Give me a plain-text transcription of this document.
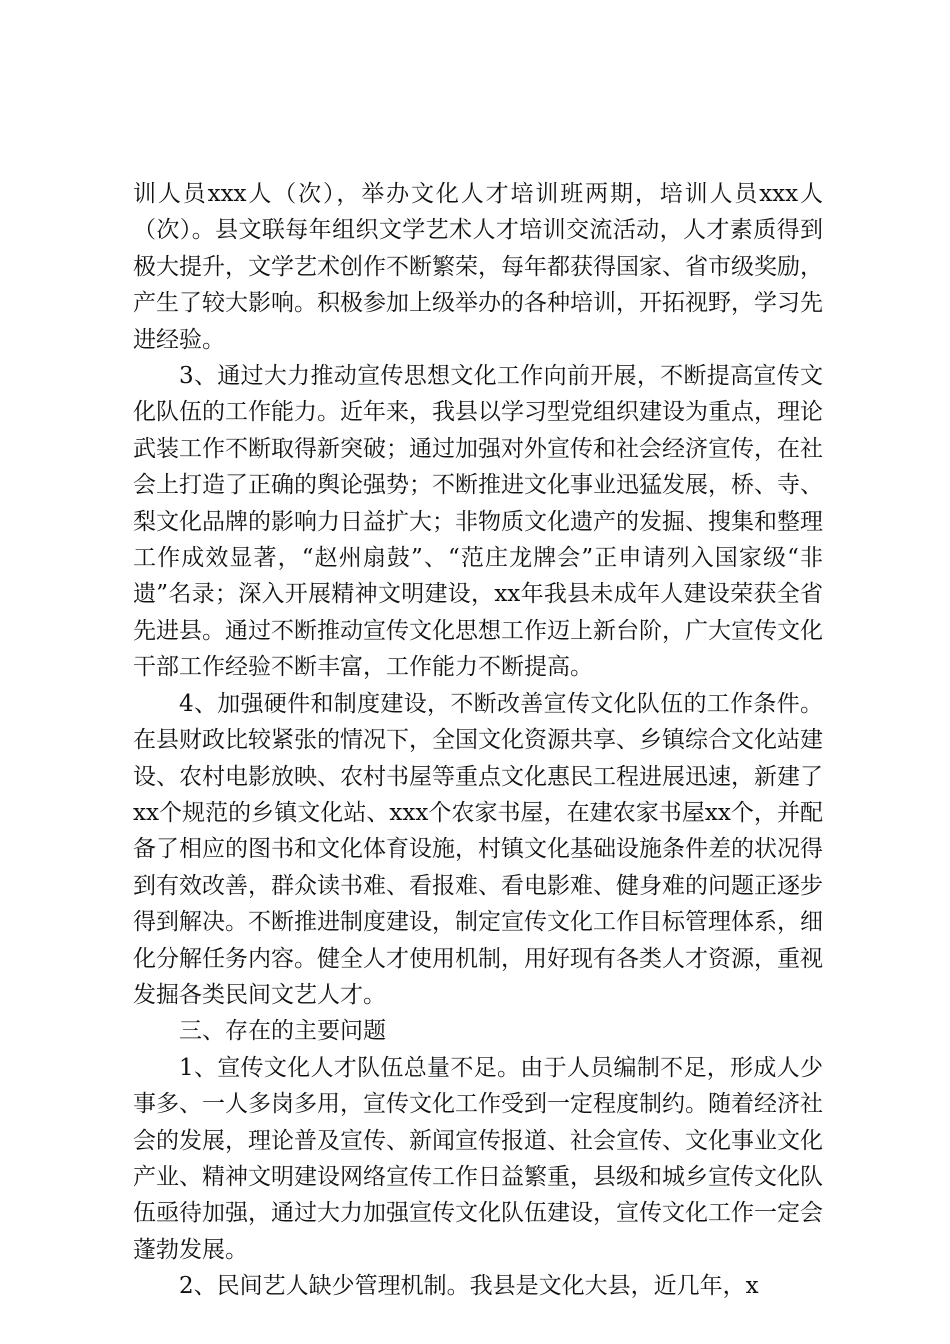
训人员xxx人（次），举办文化人才培训班两期，培训人员xxx人（次）。县文联每年组织文学艺术人才培训交流活动，人才素质得到极大提升，文学艺术创作不断繁荣，每年都获得国家、省市级奖励，产生了较大影响。积极参加上级举办的各种培训，开拓视野，学习先进经验。

3、通过大力推动宣传思想文化工作向前开展，不断提高宣传文化队伍的工作能力。近年来，我县以学习型党组织建设为重点，理论武装工作不断取得新突破；通过加强对外宣传和社会经济宣传，在社会上打造了正确的舆论强势；不断推进文化事业迅猛发展，桥、寺、梨文化品牌的影响力日益扩大；非物质文化遗产的发掘、搜集和整理工作成效显著，“赵州扇鼓”、“范庄龙牌会”正申请列入国家级“非遗”名录；深入开展精神文明建设，xx年我县未成年人建设荣获全省先进县。通过不断推动宣传文化思想工作迈上新台阶，广大宣传文化干部工作经验不断丰富，工作能力不断提高。

4、加强硬件和制度建设，不断改善宣传文化队伍的工作条件。在县财政比较紧张的情况下，全国文化资源共享、乡镇综合文化站建设、农村电影放映、农村书屋等重点文化惠民工程进展迅速，新建了xx个规范的乡镇文化站、xxx个农家书屋，在建农家书屋xx个，并配备了相应的图书和文化体育设施，村镇文化基础设施条件差的状况得到有效改善，群众读书难、看报难、看电影难、健身难的问题正逐步得到解决。不断推进制度建设，制定宣传文化工作目标管理体系，细化分解任务内容。健全人才使用机制，用好现有各类人才资源，重视发掘各类民间文艺人才。

三、存在的主要问题

1、宣传文化人才队伍总量不足。由于人员编制不足，形成人少事多、一人多岗多用，宣传文化工作受到一定程度制约。随着经济社会的发展，理论普及宣传、新闻宣传报道、社会宣传、文化事业文化产业、精神文明建设网络宣传工作日益繁重，县级和城乡宣传文化队伍亟待加强，通过大力加强宣传文化队伍建设，宣传文化工作一定会蓬勃发展。

2、民间艺人缺少管理机制。我县是文化大县，近几年，x
